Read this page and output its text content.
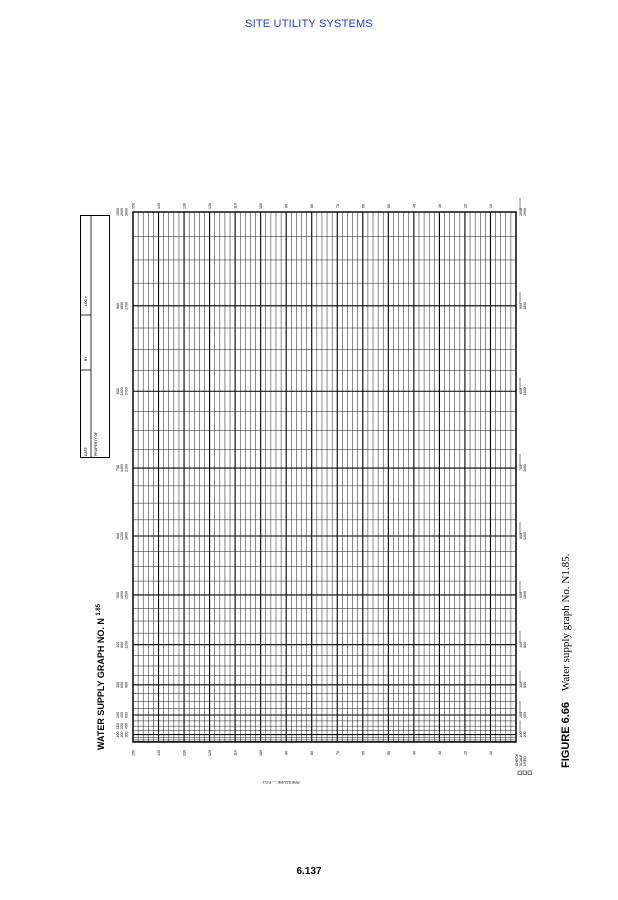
SITE UTILITY SYSTEMS
DATE PROPERTY OF
BY
LOC #
WATER SUPPLY GRAPH NO. N $^{1.85}$
150
150
140
140
130
130
120
120
110
110
100
100
90
90
80
80
70
70
60
60
50
50
40
40
30
30
20
20
10
10
1000 2000 3000
900 1800 2700
800 1600 2400
700 1400 2100
600 1200 1800
500 1000 1500
400 800 1200
300 600 900
200 400 600
150 300 450
100 200 300
1000 2000
900 1800
800 1600
700 1400
600 1200
500 1000
400 800
300 600
200 400
100 200
PRESSURE — P.S.I.
CHECK SCALE USED	FIGURE 6.66    Water supply graph No. N1.85.
6.137
